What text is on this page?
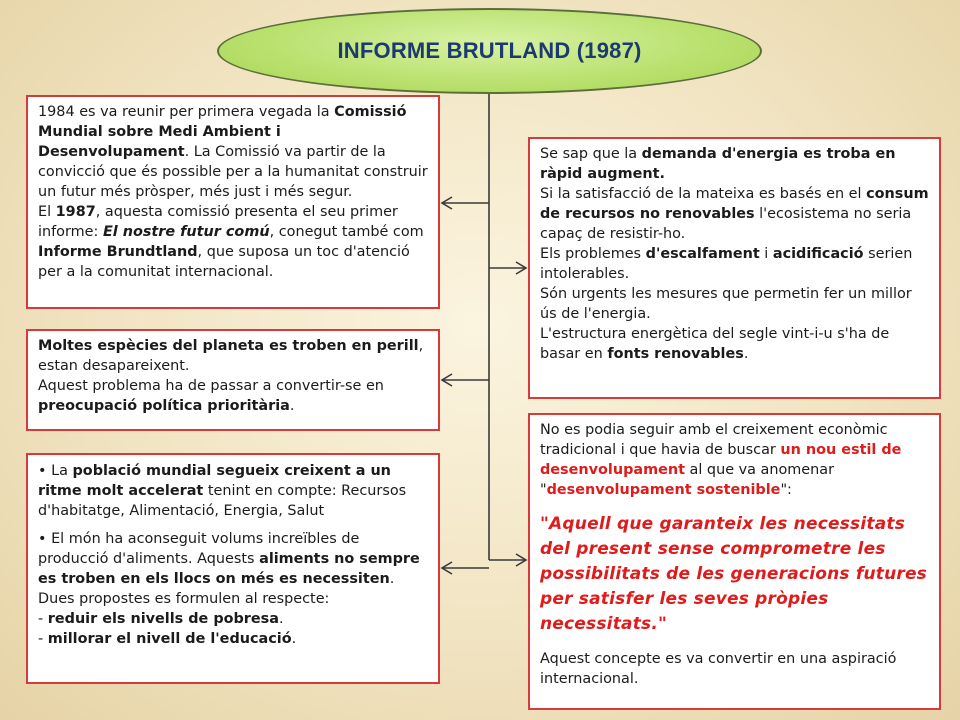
INFORME BRUTLAND (1987)

1984 es va reunir per primera vegada la Comissió Mundial sobre Medi Ambient i Desenvolupament. La Comissió va partir de la convicció que és possible per a la humanitat construir un futur més pròsper, més just i més segur.

El 1987, aquesta comissió presenta el seu primer informe: El nostre futur comú, conegut també com Informe Brundtland, que suposa un toc d'atenció per a la comunitat internacional.

Moltes espècies del planeta es troben en perill, estan desapareixent.

Aquest problema ha de passar a convertir-se en preocupació política prioritària.

• La població mundial segueix creixent a un ritme molt accelerat tenint en compte: Recursos d'habitatge, Alimentació, Energia, Salut

• El món ha aconseguit volums increïbles de producció d'aliments. Aquests aliments no sempre es troben en els llocs on més es necessiten.

Dues propostes es formulen al respecte:

- reduir els nivells de pobresa.

- millorar el nivell de l'educació.

Se sap que la demanda d'energia es troba en ràpid augment.

Si la satisfacció de la mateixa es basés en el consum de recursos no renovables l'ecosistema no seria capaç de resistir-ho.

Els problemes d'escalfament i acidificació serien intolerables.

Són urgents les mesures que permetin fer un millor ús de l'energia.

L'estructura energètica del segle vint-i-u s'ha de basar en fonts renovables.

No es podia seguir amb el creixement econòmic tradicional i que havia de buscar un nou estil de desenvolupament al que va anomenar "desenvolupament sostenible":

"Aquell que garanteix les necessitats del present sense comprometre les possibilitats de les generacions futures per satisfer les seves pròpies necessitats."

Aquest concepte es va convertir en una aspiració internacional.
